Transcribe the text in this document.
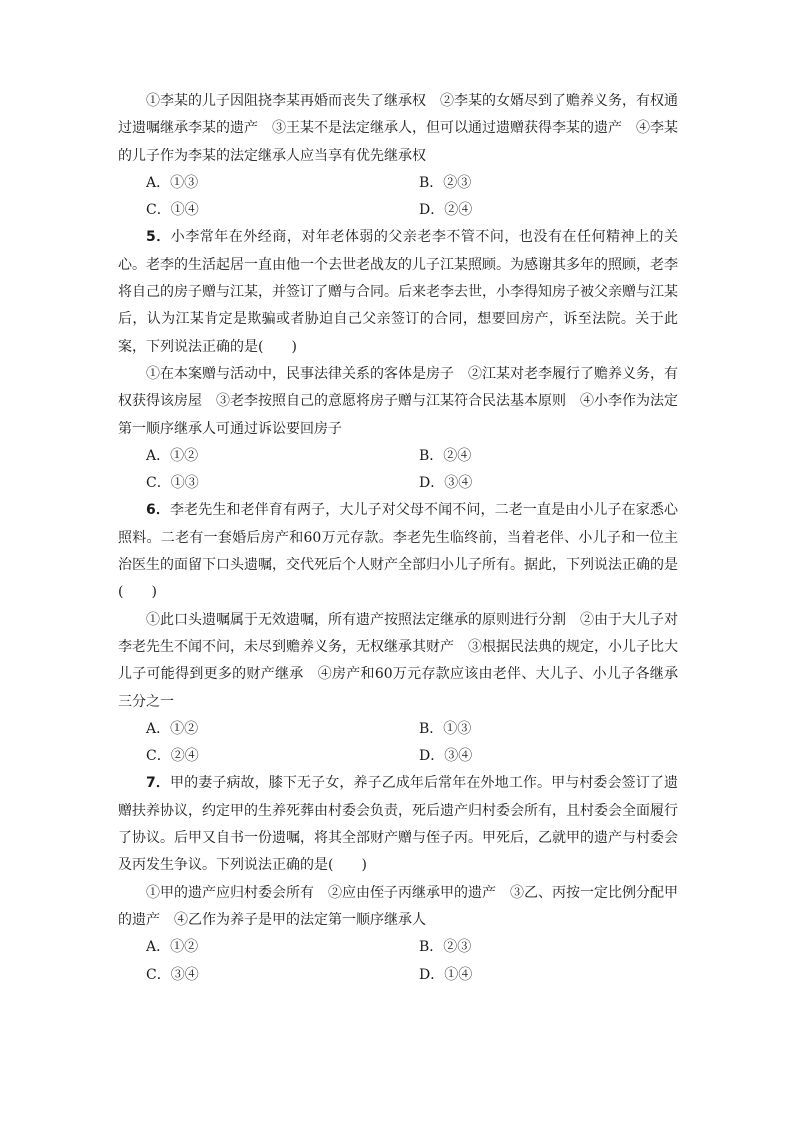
①李某的儿子因阻挠李某再婚而丧失了继承权　②李某的女婿尽到了赡养义务，有权通过遗嘱继承李某的遗产　③王某不是法定继承人，但可以通过遗赠获得李某的遗产　④李某的儿子作为李某的法定继承人应当享有优先继承权

A．①③	B．②③
C．①④	D．②④

5．小李常年在外经商，对年老体弱的父亲老李不管不问，也没有在任何精神上的关心。老李的生活起居一直由他一个去世老战友的儿子江某照顾。为感谢其多年的照顾，老李将自己的房子赠与江某，并签订了赠与合同。后来老李去世，小李得知房子被父亲赠与江某后，认为江某肯定是欺骗或者胁迫自己父亲签订的合同，想要回房产，诉至法院。关于此案，下列说法正确的是(　　)

①在本案赠与活动中，民事法律关系的客体是房子　②江某对老李履行了赡养义务，有权获得该房屋　③老李按照自己的意愿将房子赠与江某符合民法基本原则　④小李作为法定第一顺序继承人可通过诉讼要回房子

A．①②	B．②④
C．①③	D．③④

6．李老先生和老伴育有两子，大儿子对父母不闻不问，二老一直是由小儿子在家悉心照料。二老有一套婚后房产和60万元存款。李老先生临终前，当着老伴、小儿子和一位主治医生的面留下口头遗嘱，交代死后个人财产全部归小儿子所有。据此，下列说法正确的是(　　)

①此口头遗嘱属于无效遗嘱，所有遗产按照法定继承的原则进行分割　②由于大儿子对李老先生不闻不问，未尽到赡养义务，无权继承其财产　③根据民法典的规定，小儿子比大儿子可能得到更多的财产继承　④房产和60万元存款应该由老伴、大儿子、小儿子各继承三分之一

A．①②	B．①③
C．②④	D．③④

7．甲的妻子病故，膝下无子女，养子乙成年后常年在外地工作。甲与村委会签订了遗赠扶养协议，约定甲的生养死葬由村委会负责，死后遗产归村委会所有，且村委会全面履行了协议。后甲又自书一份遗嘱，将其全部财产赠与侄子丙。甲死后，乙就甲的遗产与村委会及丙发生争议。下列说法正确的是(　　)

①甲的遗产应归村委会所有　②应由侄子丙继承甲的遗产　③乙、丙按一定比例分配甲的遗产　④乙作为养子是甲的法定第一顺序继承人

A．①②	B．②③
C．③④	D．①④
